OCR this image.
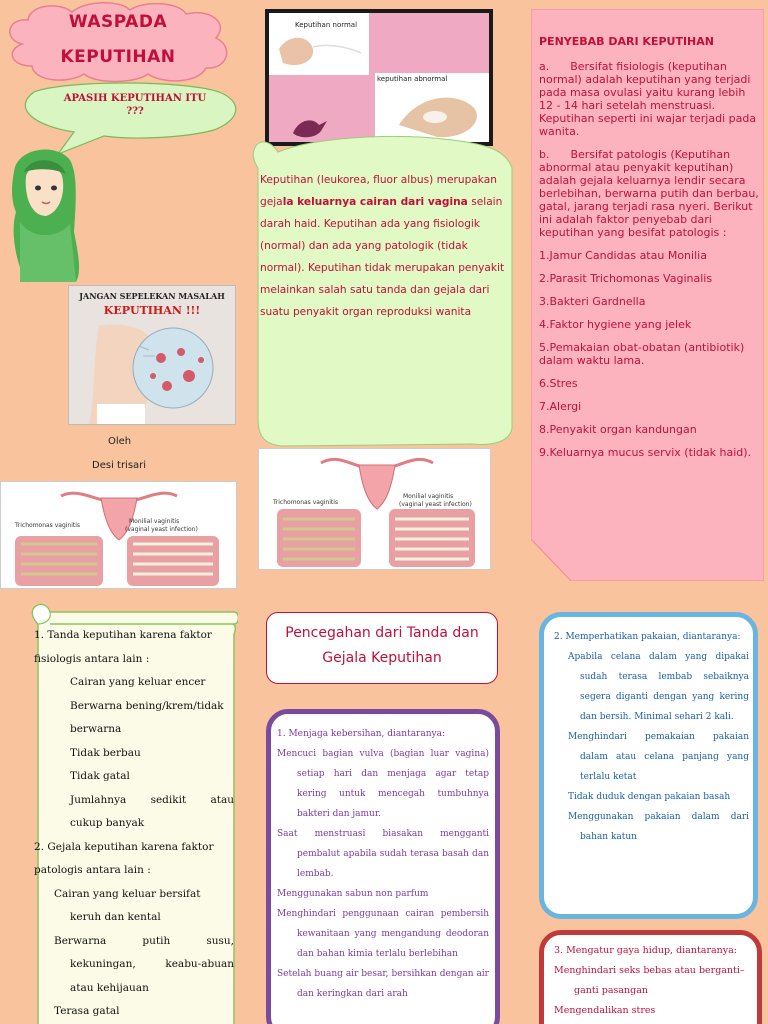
WASPADA
KEPUTIHAN
APASIH KEPUTIHAN ITU ???
JANGAN SEPELEKAN MASALAH
KEPUTIHAN !!!
Oleh
Desi trisari
Trichomonas vaginitis
Monilial vaginitis
(vaginal yeast infection)
Trichomonas vaginitis
Monilial vaginitis
(vaginal yeast infection)
Keputihan normal
keputihan abnormal
Keputihan (leukorea, fluor albus) merupakan gejala keluarnya cairan dari vagina selain darah haid. Keputihan ada yang fisiologik (normal) dan ada yang patologik (tidak normal). Keputihan tidak merupakan penyakit melainkan salah satu tanda dan gejala dari suatu penyakit organ reproduksi wanita
PENYEBAB DARI KEPUTIHAN
a.      Bersifat fisiologis (keputihan normal) adalah keputihan yang terjadi pada masa ovulasi yaitu kurang lebih 12 - 14 hari setelah menstruasi. Keputihan seperti ini wajar terjadi pada wanita.
b.      Bersifat patologis (Keputihan abnormal atau penyakit keputihan) adalah gejala keluarnya lendir secara berlebihan, berwarna putih dan berbau, gatal, jarang terjadi rasa nyeri. Berikut ini adalah faktor penyebab dari keputihan yang besifat patologis :
1.Jamur Candidas atau Monilia
2.Parasit Trichomonas Vaginalis
3.Bakteri Gardnella
4.Faktor hygiene yang jelek
5.Pemakaian obat-obatan (antibiotik) dalam waktu lama.
6.Stres
7.Alergi
8.Penyakit organ kandungan
9.Keluarnya mucus servix (tidak haid).
1. Tanda keputihan karena faktor fisiologis antara lain :
Cairan yang keluar encer
Berwarna bening/krem/tidak berwarna
Tidak berbau
Tidak gatal
Jumlahnya sedikit atau
cukup banyak
2. Gejala keputihan karena faktor patologis antara lain :
Cairan yang keluar bersifat
keruh dan kental
Berwarna	putih	susu,
kekuningan,	keabu-abuan
atau kehijauan
Terasa gatal
Pencegahan dari Tanda dan Gejala Keputihan
1. Menjaga kebersihan, diantaranya:
Mencuci bagian vulva (bagian luar vagina) setiap hari dan menjaga agar tetap kering untuk mencegah tumbuhnya bakteri dan jamur.
Saat menstruasi biasakan mengganti pembalut apabila sudah terasa basah dan lembab.
Menggunakan sabun non parfum
Menghindari penggunaan cairan pembersih kewanitaan yang mengandung deodoran dan bahan kimia terlalu berlebihan
Setelah buang air besar, bersihkan dengan air dan keringkan dari arah
2. Memperhatikan pakaian, diantaranya:
Apabila celana dalam yang dipakai sudah terasa lembab sebaiknya segera diganti dengan yang kering dan bersih. Minimal sehari 2 kali.
Menghindari pemakaian pakaian dalam atau celana panjang yang terlalu ketat
Tidak duduk dengan pakaian basah
Menggunakan pakaian dalam dari bahan katun
3. Mengatur gaya hidup, diantaranya:
Menghindari seks bebas atau berganti–ganti pasangan
Mengendalikan stres
